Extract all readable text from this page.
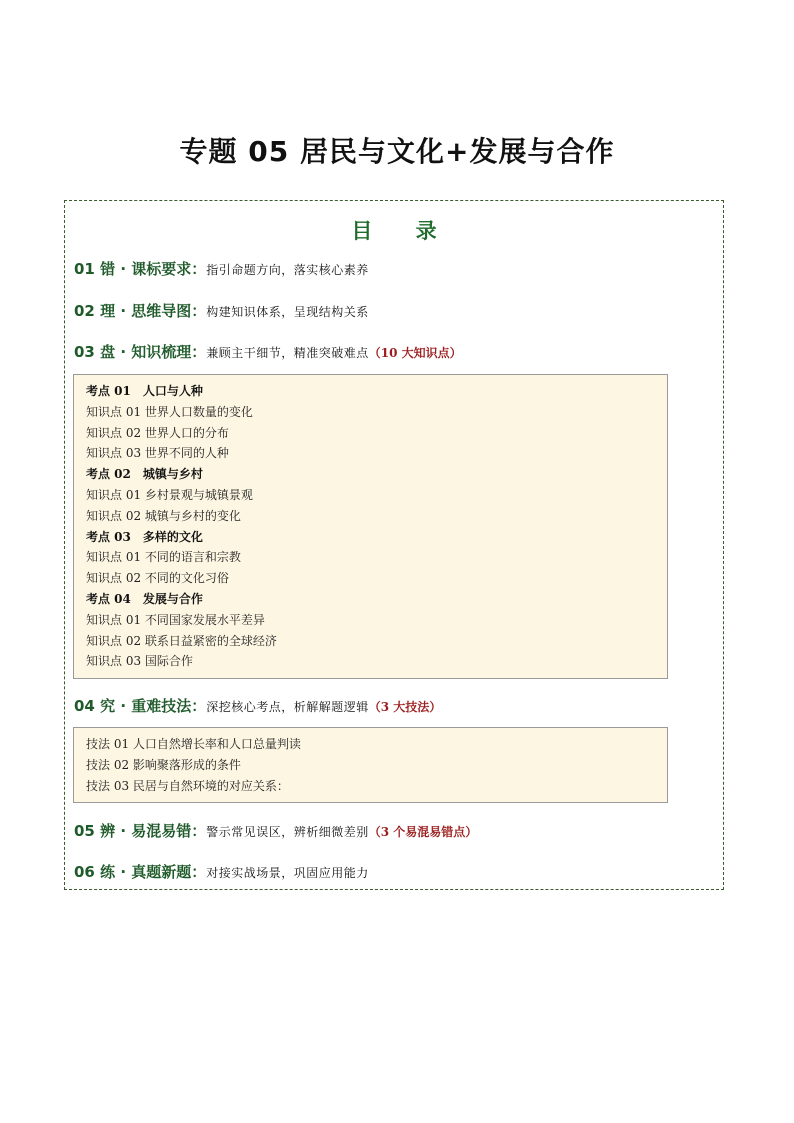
专题 05 居民与文化+发展与合作
目 录
01 错 · 课标要求：指引命题方向，落实核心素养
02 理 · 思维导图：构建知识体系，呈现结构关系
03 盘 · 知识梳理：兼顾主干细节，精准突破难点（10 大知识点）
考点 01　人口与人种
知识点 01 世界人口数量的变化
知识点 02 世界人口的分布
知识点 03 世界不同的人种
考点 02　城镇与乡村
知识点 01 乡村景观与城镇景观
知识点 02 城镇与乡村的变化
考点 03　多样的文化
知识点 01 不同的语言和宗教
知识点 02 不同的文化习俗
考点 04　发展与合作
知识点 01 不同国家发展水平差异
知识点 02 联系日益紧密的全球经济
知识点 03 国际合作
04 究 · 重难技法：深挖核心考点，析解解题逻辑（3 大技法）
技法 01 人口自然增长率和人口总量判读
技法 02 影响聚落形成的条件
技法 03 民居与自然环境的对应关系：
05 辨 · 易混易错：警示常见误区，辨析细微差别（3 个易混易错点）
06 练 · 真题新题：对接实战场景，巩固应用能力
